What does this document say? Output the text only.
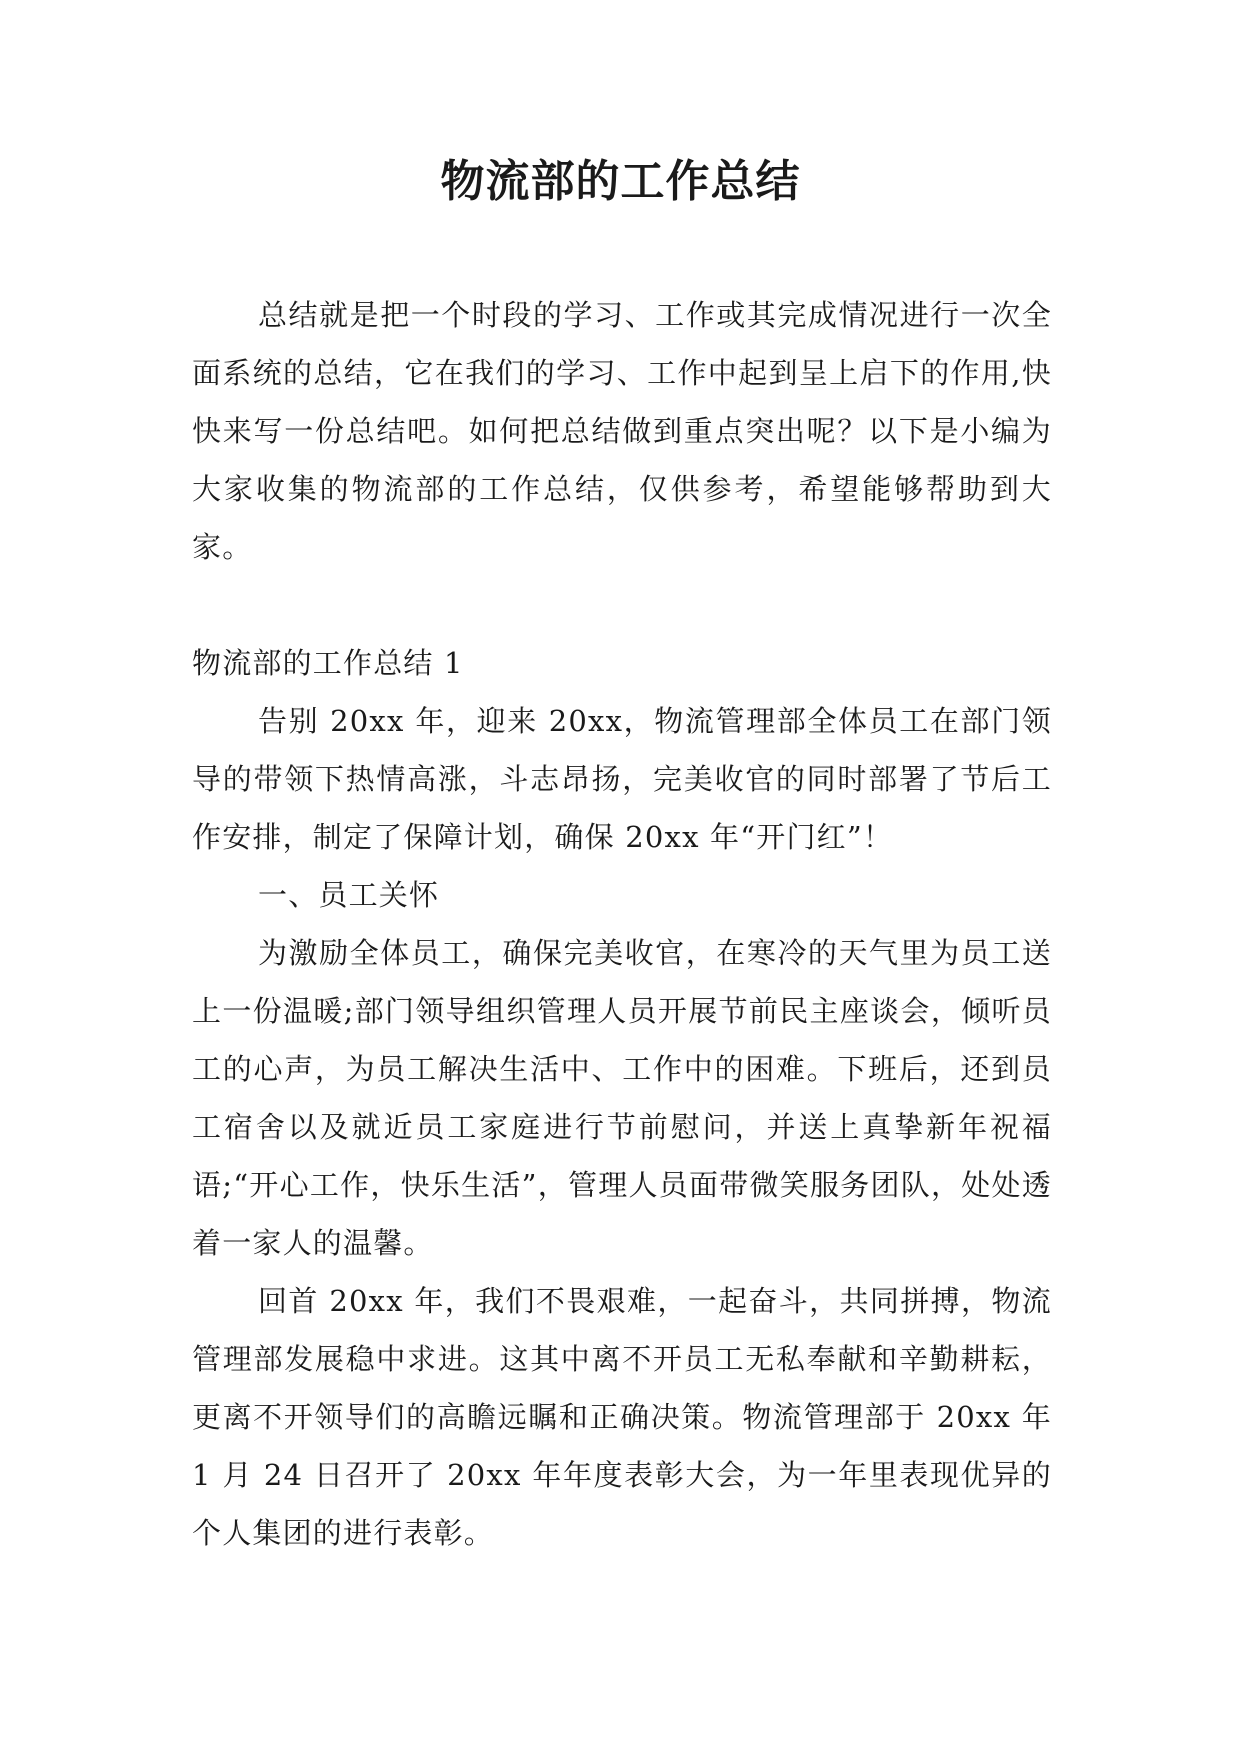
物流部的工作总结

总结就是把一个时段的学习、工作或其完成情况进行一次全面系统的总结，它在我们的学习、工作中起到呈上启下的作用,快快来写一份总结吧。如何把总结做到重点突出呢？以下是小编为大家收集的物流部的工作总结，仅供参考，希望能够帮助到大家。

物流部的工作总结 1

告别 20xx 年，迎来 20xx，物流管理部全体员工在部门领导的带领下热情高涨，斗志昂扬，完美收官的同时部署了节后工作安排，制定了保障计划，确保 20xx 年“开门红”！

一、员工关怀

为激励全体员工，确保完美收官，在寒冷的天气里为员工送上一份温暖;部门领导组织管理人员开展节前民主座谈会，倾听员工的心声，为员工解决生活中、工作中的困难。下班后，还到员工宿舍以及就近员工家庭进行节前慰问，并送上真挚新年祝福语;“开心工作，快乐生活”，管理人员面带微笑服务团队，处处透着一家人的温馨。

回首 20xx 年，我们不畏艰难，一起奋斗，共同拼搏，物流管理部发展稳中求进。这其中离不开员工无私奉献和辛勤耕耘，更离不开领导们的高瞻远瞩和正确决策。物流管理部于 20xx 年 1 月 24 日召开了 20xx 年年度表彰大会，为一年里表现优异的个人集团的进行表彰。
